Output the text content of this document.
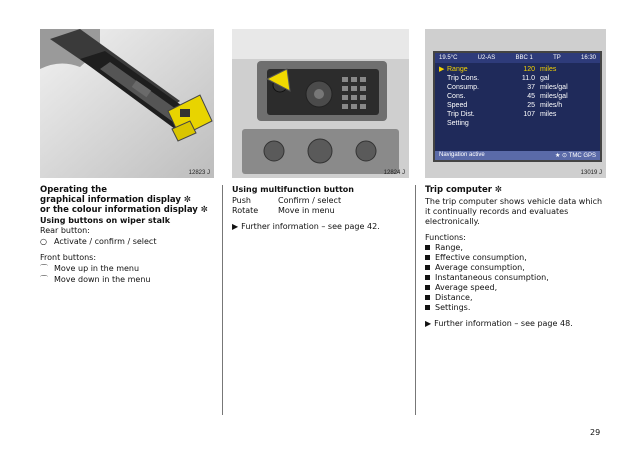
12823 J	12824 J
19.5°C	U2-AS	BBC 1	TP	16:30
▶ Range	120 miles
Trip Cons.	11.0 gal
Consump.	37 miles/gal
Cons.	45 miles/gal
Speed	25 miles/h
Trip Dist.	107 miles
Setting
Navigation active	★ ⊙ TMC GPS
13019 J
Operating the
graphical information display ✼
or the colour information display ✼
Using buttons on wiper stalk
Rear button:
○ Activate / confirm / select
Front buttons:
⌒ Move up in the menu
⌒ Move down in the menu
Using multifunction button
Push	Confirm / select
Rotate	Move in menu
▶ Further information – see page 42.
Trip computer ✼
The trip computer shows vehicle data which it continually records and evaluates electronically.
Functions:
Range,
Effective consumption,
Average consumption,
Instantaneous consumption,
Average speed,
Distance,
Settings.
▶ Further information – see page 48.
29
